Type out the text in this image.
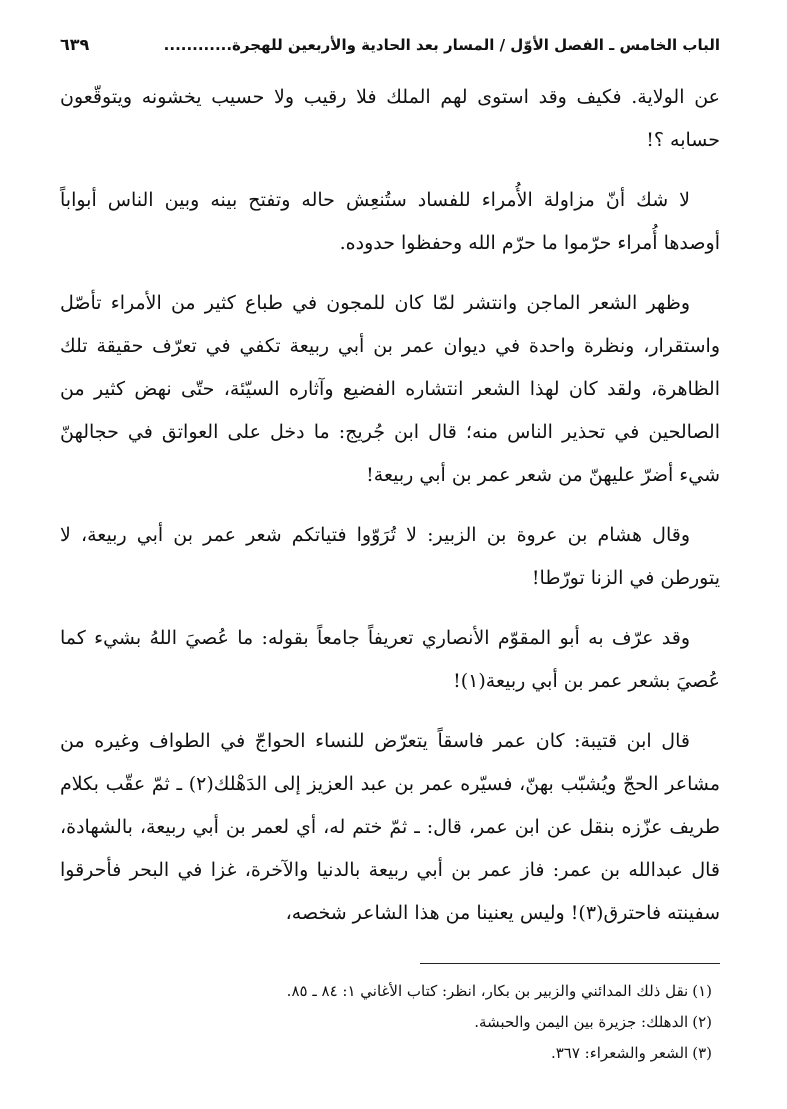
الباب الخامس ـ الفصل الأوّل / المسار بعد الحادية والأربعين للهجرة............
٦٣٩

عن الولاية. فكيف وقد استوى لهم الملك فلا رقيب ولا حسيب يخشونه ويتوقّعون حسابه ؟!

لا شك أنّ مزاولة الأُمراء للفساد ستُنعِش حاله وتفتح بينه وبين الناس أبواباً أوصدها أُمراء حرّموا ما حرّم الله وحفظوا حدوده.

وظهر الشعر الماجن وانتشر لمّا كان للمجون في طباع كثير من الأمراء تأصّل واستقرار، ونظرة واحدة في ديوان عمر بن أبي ربيعة تكفي في تعرّف حقيقة تلك الظاهرة، ولقد كان لهذا الشعر انتشاره الفضيع وآثاره السيّئة، حتّى نهض كثير من الصالحين في تحذير الناس منه؛ قال ابن جُريج: ما دخل على العواتق في حجالهنّ شيء أضرّ عليهنّ من شعر عمر بن أبي ربيعة!

وقال هشام بن عروة بن الزبير: لا تُرَوّوا فتياتكم شعر عمر بن أبي ربيعة، لا يتورطن في الزنا تورّطا!

وقد عرّف به أبو المقوّم الأنصاري تعريفاً جامعاً بقوله: ما عُصيَ اللهُ بشيء كما عُصيَ بشعر عمر بن أبي ربيعة(١)!

قال ابن قتيبة: كان عمر فاسقاً يتعرّض للنساء الحواجّ في الطواف وغيره من مشاعر الحجّ ويُشبّب بهنّ، فسيّره عمر بن عبد العزيز إلى الدَهْلك(٢) ـ ثمّ عقّب بكلام طريف عزّزه بنقل عن ابن عمر، قال: ـ ثمّ ختم له، أي لعمر بن أبي ربيعة، بالشهادة، قال عبدالله بن عمر: فاز عمر بن أبي ربيعة بالدنيا والآخرة، غزا في البحر فأحرقوا سفينته فاحترق(٣)! وليس يعنينا من هذا الشاعر شخصه،

(١)نقل ذلك المدائني والزبير بن بكار، انظر: كتاب الأغاني ١: ٨٤ ـ ٨٥.

(٢)الدهلك: جزيرة بين اليمن والحبشة.

(٣)الشعر والشعراء: ٣٦٧.
